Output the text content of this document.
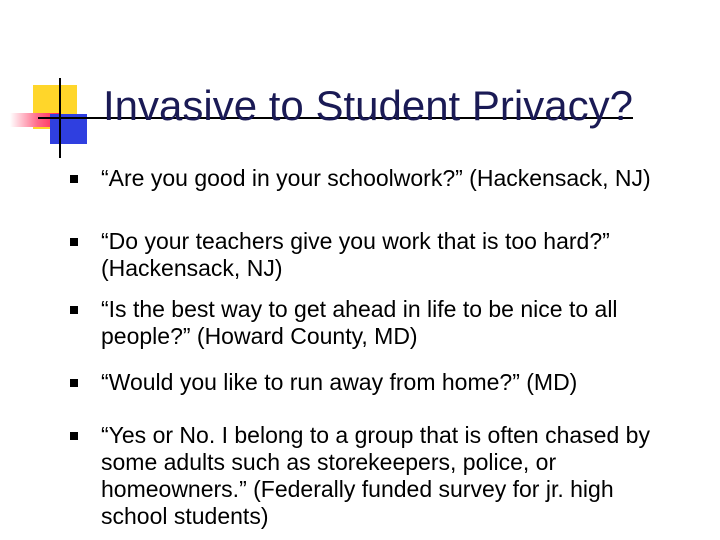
Invasive to Student Privacy?
“Are you good in your schoolwork?” (Hackensack, NJ)
“Do your teachers give you work that is too hard?” (Hackensack, NJ)
“Is the best way to get ahead in life to be nice to all people?” (Howard County, MD)
“Would you like to run away from home?” (MD)
“Yes or No. I belong to a group that is often chased by some adults such as storekeepers, police, or homeowners.” (Federally funded survey for jr. high school students)
